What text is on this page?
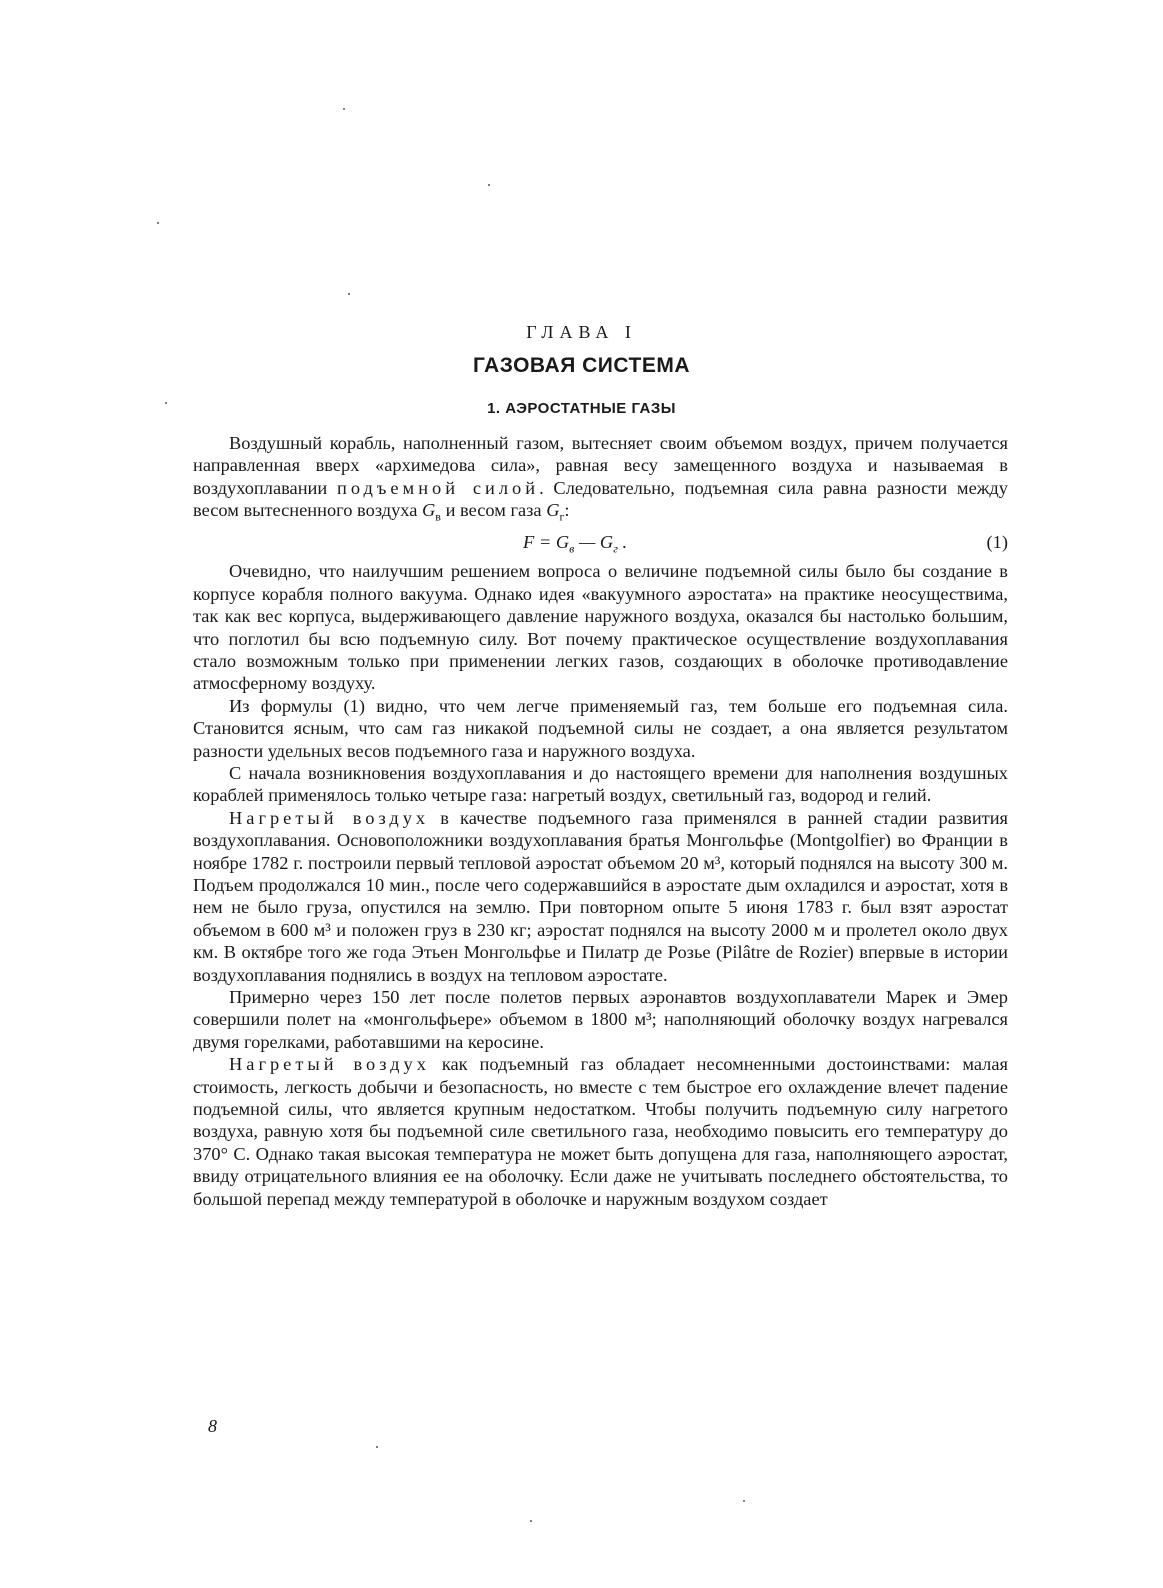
ГЛАВА I
ГАЗОВАЯ СИСТЕМА
1. АЭРОСТАТНЫЕ ГАЗЫ

Воздушный корабль, наполненный газом, вытесняет своим объемом воздух, причем получается направленная вверх «архимедова сила», равная весу замещенного воздуха и называемая в воздухоплавании подъемной силой. Следовательно, подъемная сила равна разности между весом вытесненного воздуха $G_в$ и весом газа $G_г$:

$F = G_в$ — $G_г$ .	(1)

Очевидно, что наилучшим решением вопроса о величине подъемной силы было бы создание в корпусе корабля полного вакуума. Однако идея «вакуумного аэростата» на практике неосуществима, так как вес корпуса, выдерживающего давление наружного воздуха, оказался бы настолько большим, что поглотил бы всю подъемную силу. Вот почему практическое осуществление воздухоплавания стало возможным только при применении легких газов, создающих в оболочке противодавление атмосферному воздуху.

Из формулы (1) видно, что чем легче применяемый газ, тем больше его подъемная сила. Становится ясным, что сам газ никакой подъемной силы не создает, а она является результатом разности удельных весов подъемного газа и наружного воздуха.

С начала возникновения воздухоплавания и до настоящего времени для наполнения воздушных кораблей применялось только четыре газа: нагретый воздух, светильный газ, водород и гелий.

Нагретый воздух в качестве подъемного газа применялся в ранней стадии развития воздухоплавания. Основоположники воздухоплавания братья Монгольфье (Montgolfier) во Франции в ноябре 1782 г. построили первый тепловой аэростат объемом 20 м³, который поднялся на высоту 300 м. Подъем продолжался 10 мин., после чего содержавшийся в аэростате дым охладился и аэростат, хотя в нем не было груза, опустился на землю. При повторном опыте 5 июня 1783 г. был взят аэростат объемом в 600 м³ и положен груз в 230 кг; аэростат поднялся на высоту 2000 м и пролетел около двух км. В октябре того же года Этьен Монгольфье и Пилатр де Розье (Pilâtre de Rozier) впервые в истории воздухоплавания поднялись в воздух на тепловом аэростате.

Примерно через 150 лет после полетов первых аэронавтов воздухоплаватели Марек и Эмер совершили полет на «монгольфьере» объемом в 1800 м³; наполняющий оболочку воздух нагревался двумя горелками, работавшими на керосине.

Нагретый воздух как подъемный газ обладает несомненными достоинствами: малая стоимость, легкость добычи и безопасность, но вместе с тем быстрое его охлаждение влечет падение подъемной силы, что является крупным недостатком. Чтобы получить подъемную силу нагретого воздуха, равную хотя бы подъемной силе светильного газа, необходимо повысить его температуру до 370° С. Однако такая высокая температура не может быть допущена для газа, наполняющего аэростат, ввиду отрицательного влияния ее на оболочку. Если даже не учитывать последнего обстоятельства, то большой перепад между температурой в оболочке и наружным воздухом создает

8
